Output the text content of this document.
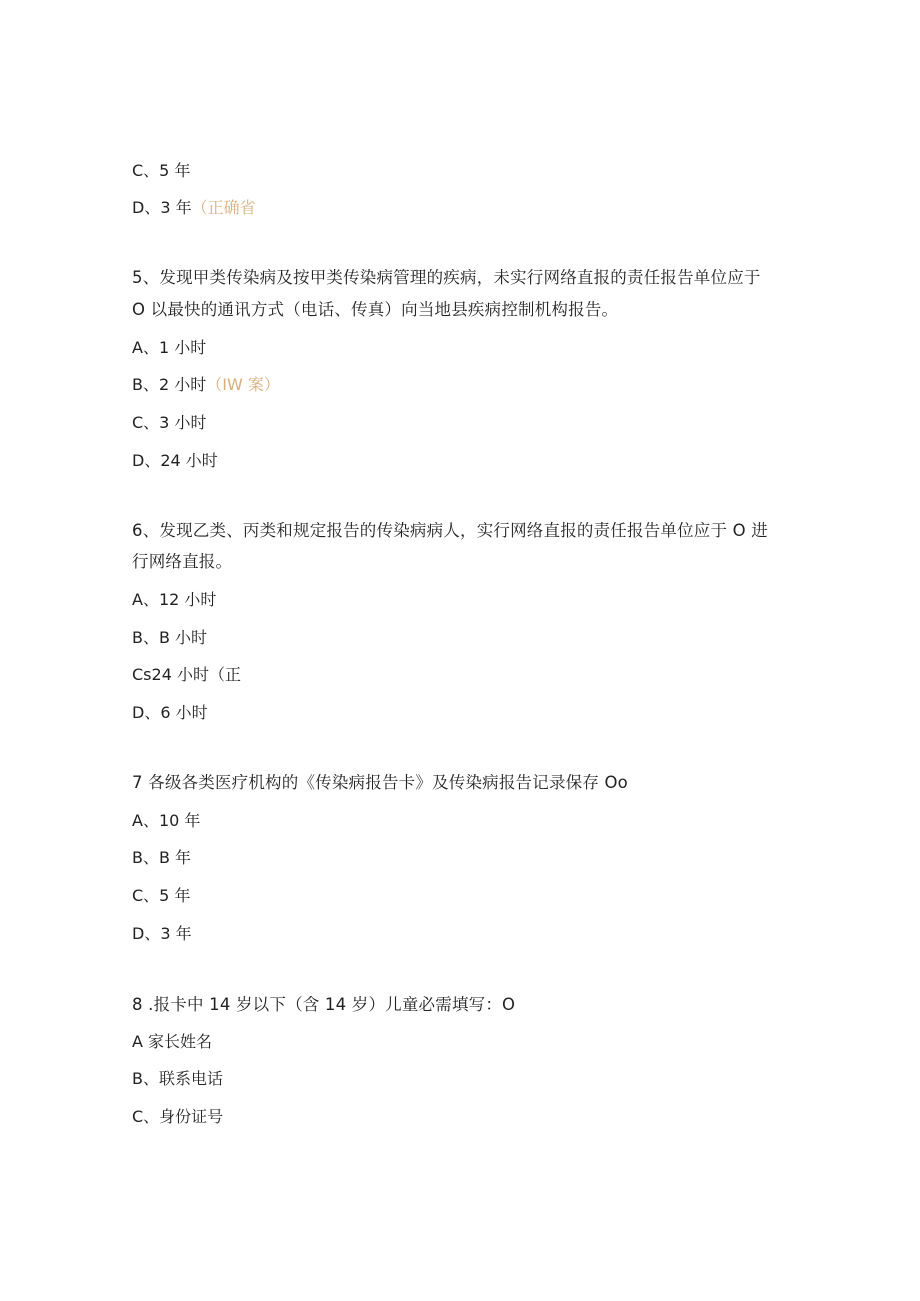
C、5 年
D、3 年（正确省
5、发现甲类传染病及按甲类传染病管理的疾病，未实行网络直报的责任报告单位应于
O 以最快的通讯方式（电话、传真）向当地县疾病控制机构报告。
A、1 小时
B、2 小时（IW 案）
C、3 小时
D、24 小时
6、发现乙类、丙类和规定报告的传染病病人，实行网络直报的责任报告单位应于 O 进
行网络直报。
A、12 小时
B、B 小时
Cs24 小时（正
D、6 小时
7 各级各类医疗机构的《传染病报告卡》及传染病报告记录保存 Oo
A、10 年
B、B 年
C、5 年
D、3 年
8 .报卡中 14 岁以下（含 14 岁）儿童必需填写：O
A 家长姓名
B、联系电话
C、身份证号
